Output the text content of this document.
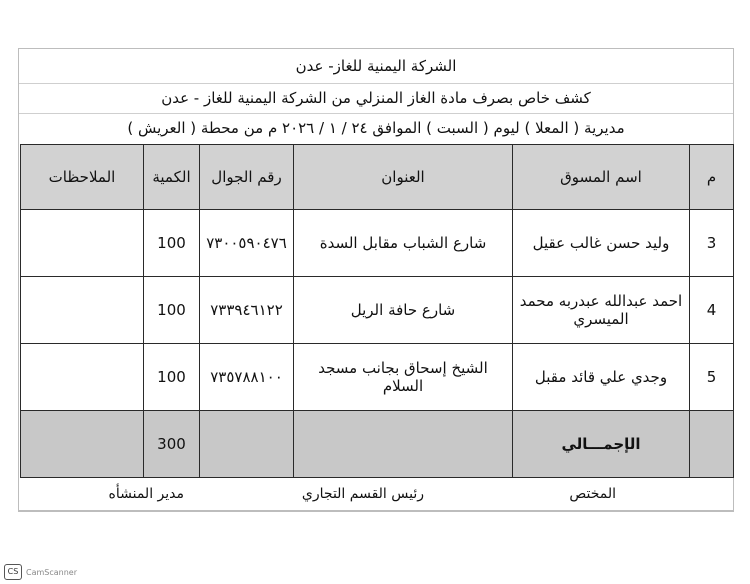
الشركة اليمنية للغاز- عدن
كشف خاص بصرف مادة الغاز المنزلي من الشركة اليمنية للغاز - عدن
مديرية ( المعلا ) ليوم ( السبت ) الموافق ٢٤ / ١ / ٢٠٢٦ م من محطة ( العريش )
م	اسم المسوق	العنوان	رقم الجوال	الكمية	الملاحظات
3	وليد حسن غالب عقيل	شارع الشباب مقابل السدة	٧٣٠٠٥٩٠٤٧٦	100	
4	احمد عبدالله عبدربه محمد الميسري	شارع حافة الريل	٧٣٣٩٤٦١٢٢	100	
5	وجدي علي قائد مقبل	الشيخ إسحاق بجانب مسجد السلام	٧٣٥٧٨٨١٠٠	100	
	الإجمـــالي			300	
المختص
رئيس القسم التجاري
مدير المنشأه
CS CamScanner
